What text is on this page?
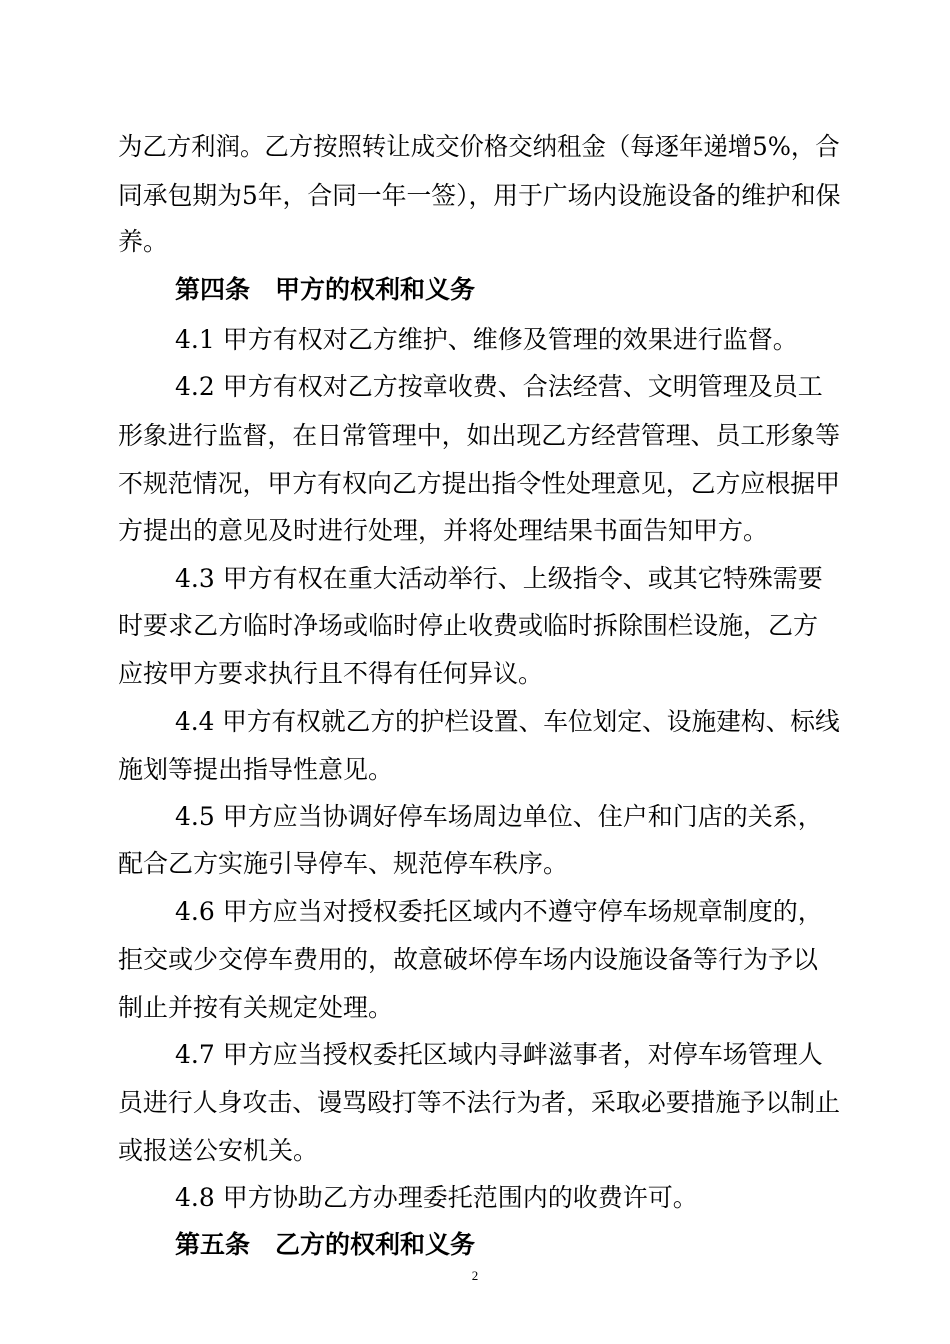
为乙方利润。乙方按照转让成交价格交纳租金（每逐年递增5%，合
同承包期为5年，合同一年一签），用于广场内设施设备的维护和保
养。
第四条　甲方的权利和义务
4.1 甲方有权对乙方维护、维修及管理的效果进行监督。
4.2 甲方有权对乙方按章收费、合法经营、文明管理及员工
形象进行监督，在日常管理中，如出现乙方经营管理、员工形象等
不规范情况，甲方有权向乙方提出指令性处理意见，乙方应根据甲
方提出的意见及时进行处理，并将处理结果书面告知甲方。
4.3 甲方有权在重大活动举行、上级指令、或其它特殊需要
时要求乙方临时净场或临时停止收费或临时拆除围栏设施，乙方
应按甲方要求执行且不得有任何异议。
4.4 甲方有权就乙方的护栏设置、车位划定、设施建构、标线
施划等提出指导性意见。
4.5 甲方应当协调好停车场周边单位、住户和门店的关系，
配合乙方实施引导停车、规范停车秩序。
4.6 甲方应当对授权委托区域内不遵守停车场规章制度的，
拒交或少交停车费用的，故意破坏停车场内设施设备等行为予以
制止并按有关规定处理。
4.7 甲方应当授权委托区域内寻衅滋事者，对停车场管理人
员进行人身攻击、谩骂殴打等不法行为者，采取必要措施予以制止
或报送公安机关。
4.8 甲方协助乙方办理委托范围内的收费许可。
第五条　乙方的权利和义务
2
